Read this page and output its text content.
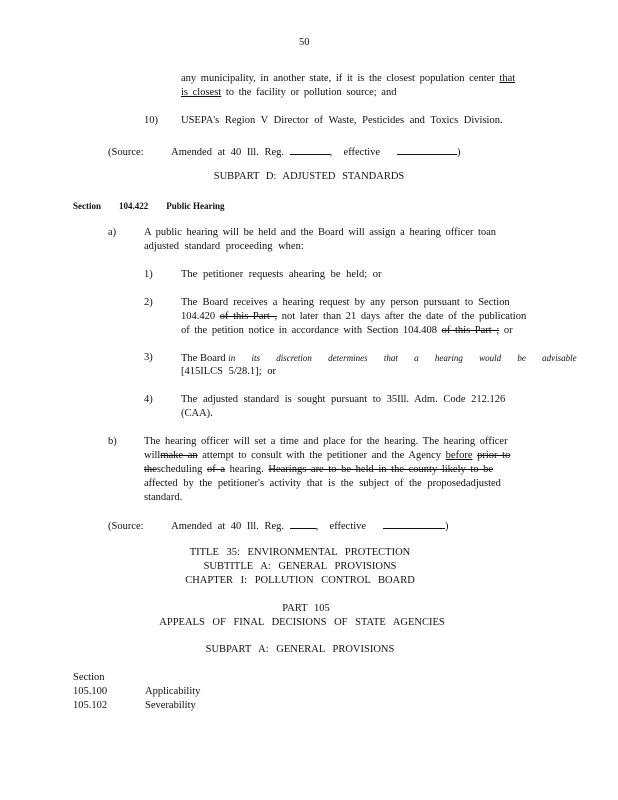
50
any municipality, in another state, if it is the closest population center that
is closest to the facility or pollution source; and
10) USEPA's Region V Director of Waste, Pesticides and Toxics Division.
(Source:	Amended at 40 Ill. Reg.	,  effective	)
SUBPART D: ADJUSTED STANDARDS
Section 104.422 Public Hearing
a)	A public hearing will be held and the Board will assign a hearing officer toan
adjusted standard proceeding when:
1)	The petitioner requests ahearing be held; or
2)	The Board receives a hearing request by any person pursuant to Section
104.420 of this Part , not later than 21 days after the date of the publication
of the petition notice in accordance with Section 104.408 of this Part ; or
3)	The Board in its discretion determines that a hearing would be advisable
[415ILCS 5/28.1]; or
4)	The adjusted standard is sought pursuant to 35Ill. Adm. Code 212.126
(CAA).
b)	The hearing officer will set a time and place for the hearing. The hearing officer
willmake an attempt to consult with the petitioner and the Agency before prior to
thescheduling of a hearing. Hearings are to be held in the county likely to be
affected by the petitioner's activity that is the subject of the proposedadjusted
standard.
(Source:	Amended at 40 Ill. Reg.	,  effective	)
TITLE 35: ENVIRONMENTAL PROTECTION
SUBTITLE A: GENERAL PROVISIONS
CHAPTER I: POLLUTION CONTROL BOARD
PART 105
APPEALS OF FINAL DECISIONS OF STATE AGENCIES
SUBPART A: GENERAL PROVISIONS
Section
105.100	Applicability
105.102	Severability
